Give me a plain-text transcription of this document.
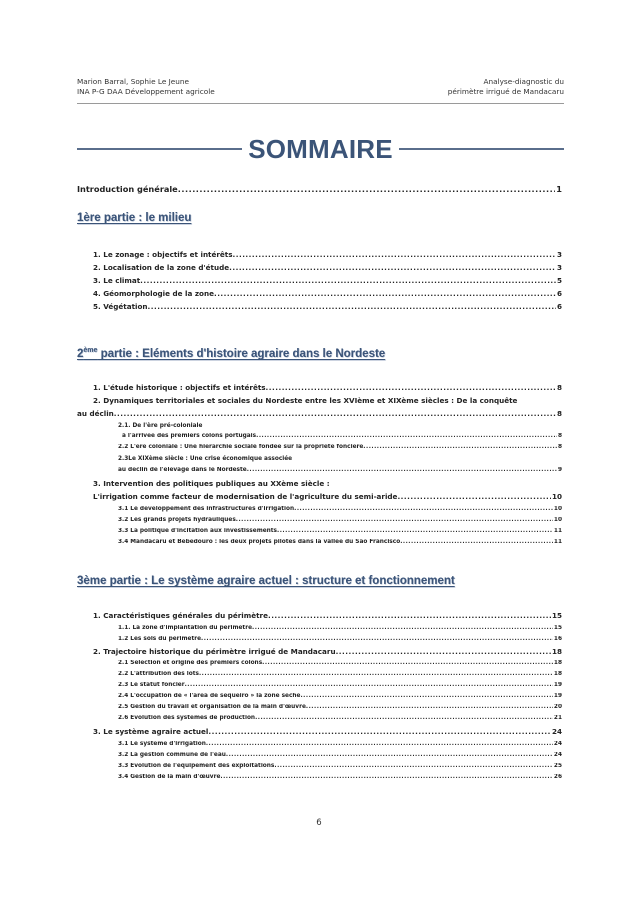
Marion Barral, Sophie Le Jeune
INA P-G DAA Développement agricole
Analyse-diagnostic du
périmètre irrigué de Mandacaru
SOMMAIRE
Introduction générale .....	1
1ère partie : le milieu
1. Le zonage : objectifs et intérêts .....	3
2. Localisation de la zone d'étude .....	3
3. Le climat .....	5
4. Géomorphologie de la zone .....	6
5. Végétation .....	6
2ème partie : Eléments d'histoire agraire dans le Nordeste
1. L'étude historique : objectifs et intérêts .....	8
2. Dynamiques territoriales et sociales du Nordeste entre les XVIème et XIXème siècles : De la conquête
au déclin .....	8
2.1. De l'ère pré-coloniale
à l'arrivée des premiers colons portugais .....	8
2.2 L'ère coloniale : Une hiérarchie sociale fondée sur la propriété foncière .....	8
2.3Le XIXème siècle : Une crise économique associée
au déclin de l'élevage dans le Nordeste .....	9
3. Intervention des politiques publiques au XXème siècle :
L'irrigation comme facteur de modernisation de l'agriculture du semi-aride .....	10
3.1 Le développement des infrastructures d'irrigation .....	10
3.2 Les grands projets hydrauliques .....	10
3.3 La politique d'incitation aux investissements .....	11
3.4 Mandacaru et Bebedouro : les deux projets pilotes dans la vallée du São Francisco .....	11
3ème partie : Le système agraire actuel : structure et fonctionnement
1. Caractéristiques générales du périmètre .....	15
1.1. La zone d'implantation du périmètre .....	15
1.2 Les sols du périmètre .....	16
2. Trajectoire historique du périmètre irrigué de Mandacaru .....	18
2.1 Sélection et origine des premiers colons .....	18
2.2 L'attribution des lots .....	18
2.3 Le statut foncier .....	19
2.4 L'occupation de « l'area de sequeiro » la zone sèche .....	19
2.5 Gestion du travail et organisation de la main d'œuvre .....	20
2.6 Evolution des systèmes de production .....	21
3. Le système agraire actuel .....	24
3.1 Le système d'irrigation .....	24
3.2 La gestion commune de l'eau .....	24
3.3 Evolution de l'équipement des exploitations .....	25
3.4 Gestion de la main d'œuvre .....	26
6
